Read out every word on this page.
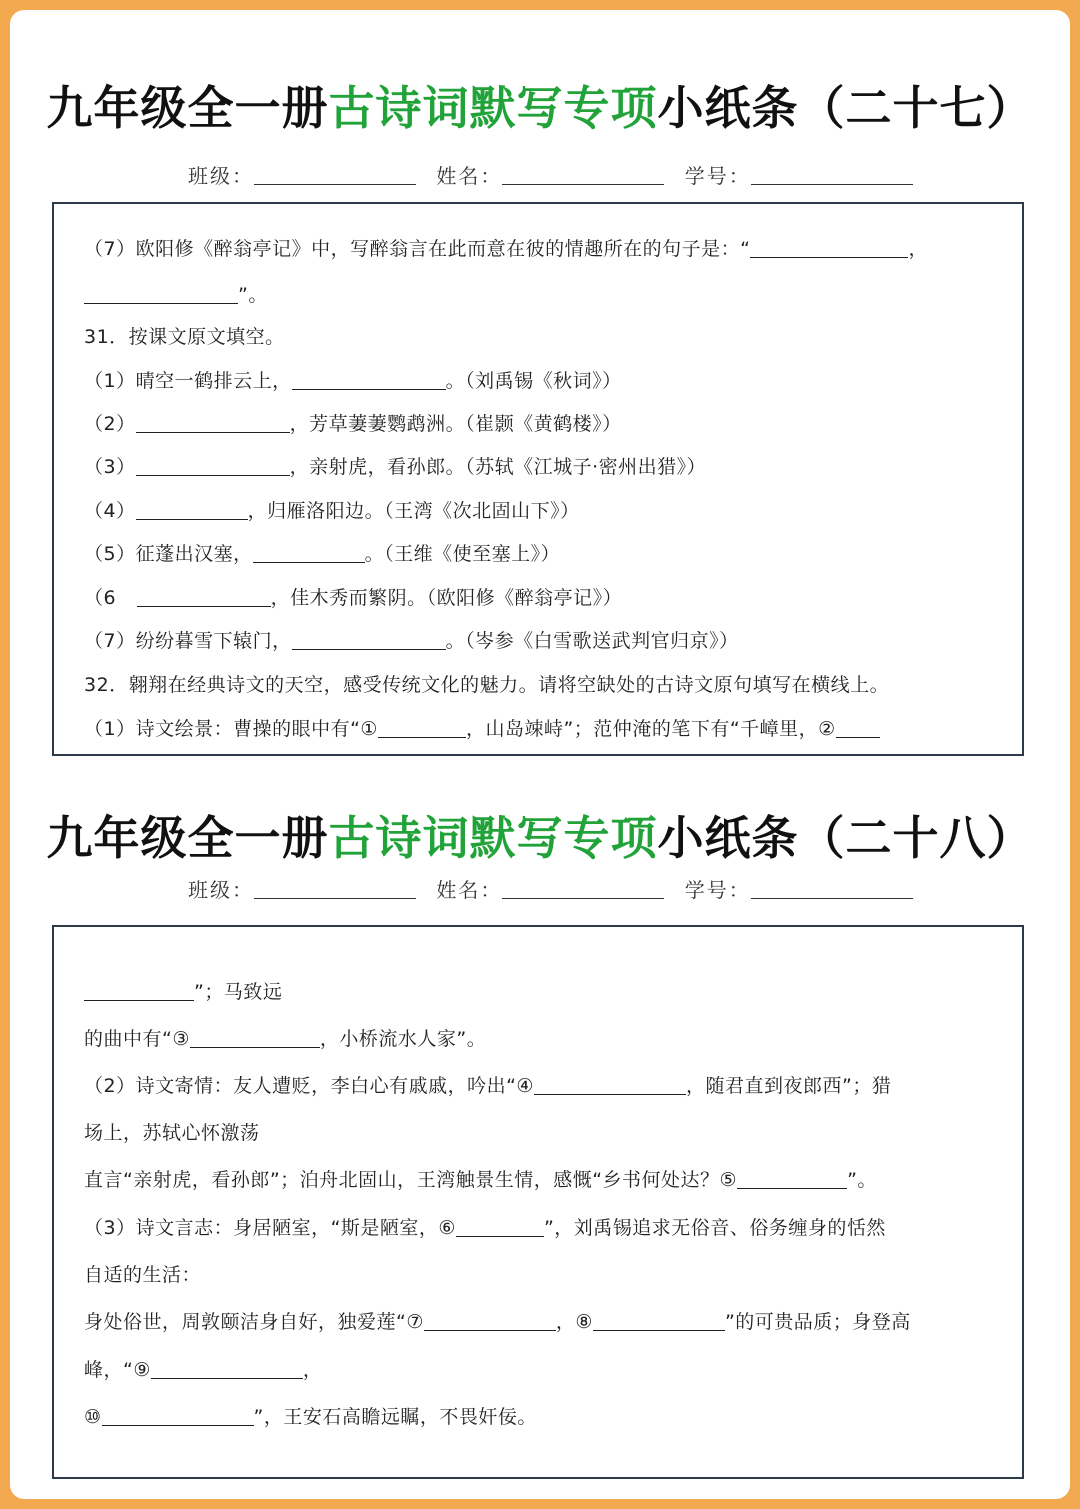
九年级全一册古诗词默写专项小纸条（二十七）
班级：	姓名：	学号：
（7）欧阳修《醉翁亭记》中，写醉翁言在此而意在彼的情趣所在的句子是：“	，
”。
31．按课文原文填空。
（1）晴空一鹤排云上，	。（刘禹锡《秋词》）
（2）	，芳草萋萋鹦鹉洲。（崔颢《黄鹤楼》）
（3）	，亲射虎，看孙郎。（苏轼《江城子·密州出猎》）
（4）	，归雁洛阳边。（王湾《次北固山下》）
（5）征蓬出汉塞，	。（王维《使至塞上》）
（6	，佳木秀而繁阴。（欧阳修《醉翁亭记》）
（7）纷纷暮雪下辕门，	。（岑参《白雪歌送武判官归京》）
32．翱翔在经典诗文的天空，感受传统文化的魅力。请将空缺处的古诗文原句填写在横线上。
（1）诗文绘景：曹操的眼中有“①	，山岛竦峙”；范仲淹的笔下有“千嶂里，②
九年级全一册古诗词默写专项小纸条（二十八）
班级：	姓名：	学号：
”；马致远
的曲中有“③	，小桥流水人家”。
（2）诗文寄情：友人遭贬，李白心有戚戚，吟出“④	，随君直到夜郎西”；猎
场上，苏轼心怀激荡
直言“亲射虎，看孙郎”；泊舟北固山，王湾触景生情，感慨“乡书何处达？⑤	”。
（3）诗文言志：身居陋室，“斯是陋室，⑥	”，刘禹锡追求无俗音、俗务缠身的恬然
自适的生活：
身处俗世，周敦颐洁身自好，独爱莲“⑦	，⑧	”的可贵品质；身登高
峰，“⑨	，
⑩	”，王安石高瞻远瞩，不畏奸佞。
